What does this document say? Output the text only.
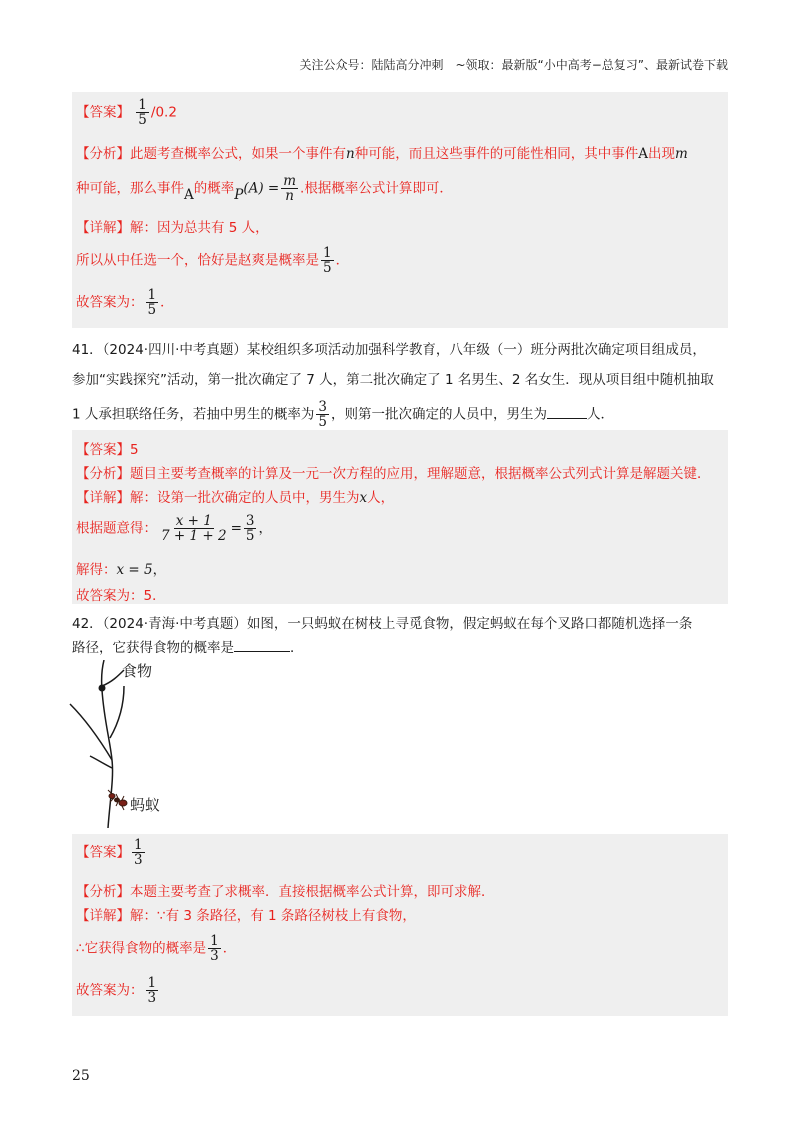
关注公众号：陆陆高分冲刺　~领取：最新版“小中高考−总复习”、最新试卷下载
【答案】 $\frac{1}{5} /0.2$
【分析】此题考查概率公式，如果一个事件有n种可能，而且这些事件的可能性相同，其中事件A出现m
种可能，那么事件A的概率$P(A) = \frac{m}{n}$ .根据概率公式计算即可．
【详解】解：因为总共有 5 人，
所以从中任选一个，恰好是赵爽是概率是 $\frac{1}{5}$ ．
故答案为： $\frac{1}{5}$ ．
41．（2024·四川·中考真题）某校组织多项活动加强科学教育，八年级（一）班分两批次确定项目组成员，
参加“实践探究”活动，第一批次确定了 7 人，第二批次确定了 1 名男生、2 名女生．现从项目组中随机抽取
1 人承担联络任务，若抽中男生的概率为 $\frac{3}{5}$ ，则第一批次确定的人员中，男生为	人．
【答案】5
【分析】题目主要考查概率的计算及一元一次方程的应用，理解题意，根据概率公式列式计算是解题关键．
【详解】解：设第一批次确定的人员中，男生为x人，
根据题意得： $\frac{x + 1}{7 + 1 + 2} = \frac{3}{5}$ ，
解得：x = 5，
故答案为：5．
42．（2024·青海·中考真题）如图，一只蚂蚁在树枝上寻觅食物，假定蚂蚁在每个叉路口都随机选择一条
路径，它获得食物的概率是	．
食物
蚂蚁
【答案】 $\frac{1}{3}$
【分析】本题主要考查了求概率．直接根据概率公式计算，即可求解．
【详解】解：∵有 3 条路径，有 1 条路径树枝上有食物，
∴它获得食物的概率是 $\frac{1}{3}$ ．
故答案为： $\frac{1}{3}$
25
